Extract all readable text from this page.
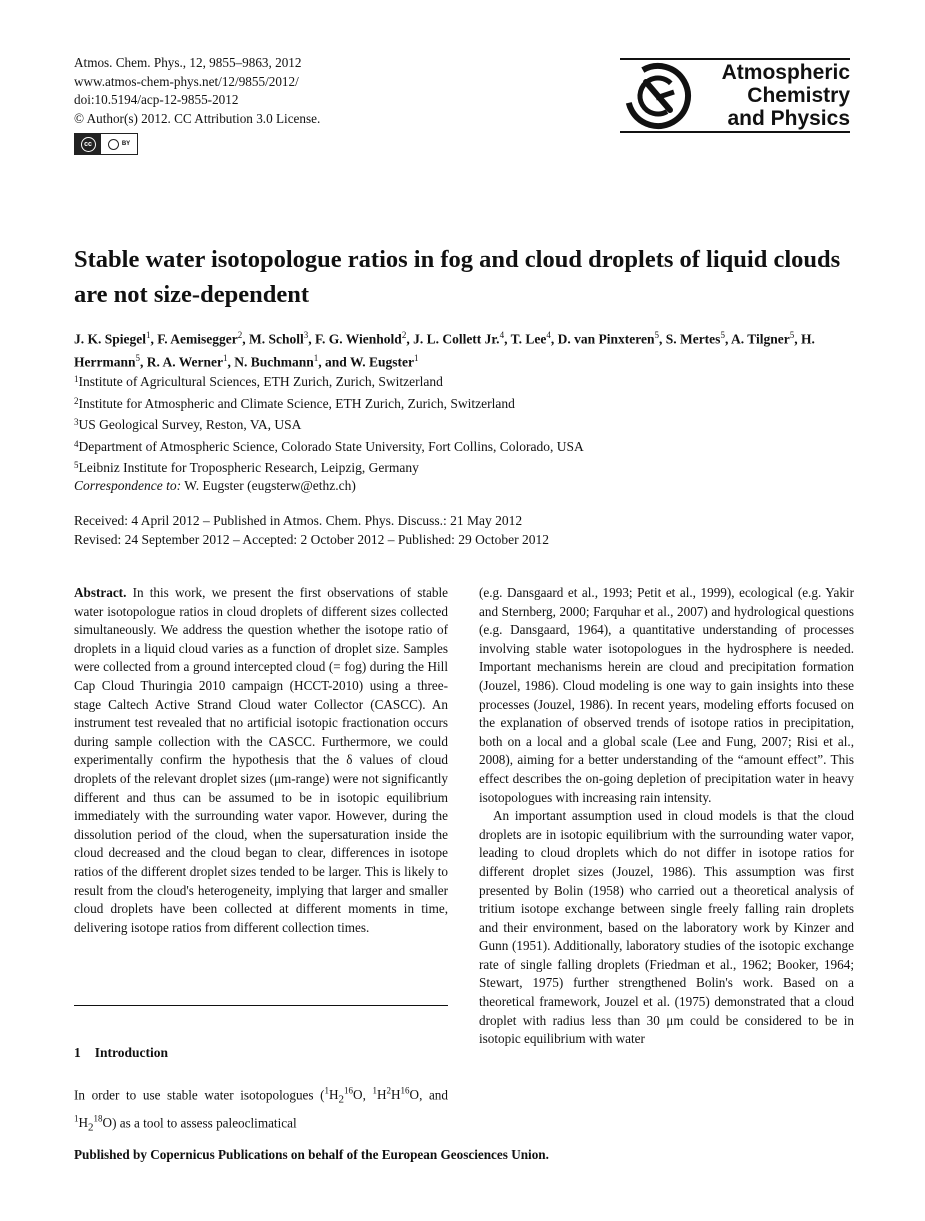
Atmos. Chem. Phys., 12, 9855–9863, 2012
www.atmos-chem-phys.net/12/9855/2012/
doi:10.5194/acp-12-9855-2012
© Author(s) 2012. CC Attribution 3.0 License.
cc	BY
Atmospheric
Chemistry
and Physics
Stable water isotopologue ratios in fog and cloud droplets of liquid clouds are not size-dependent
J. K. Spiegel$^1$, F. Aemisegger$^2$, M. Scholl$^3$, F. G. Wienhold$^2$, J. L. Collett Jr.$^4$, T. Lee$^4$, D. van Pinxteren$^5$, S. Mertes$^5$, A. Tilgner$^5$, H. Herrmann$^5$, R. A. Werner$^1$, N. Buchmann$^1$, and W. Eugster$^1$
$^1$Institute of Agricultural Sciences, ETH Zurich, Zurich, Switzerland
$^2$Institute for Atmospheric and Climate Science, ETH Zurich, Zurich, Switzerland
$^3$US Geological Survey, Reston, VA, USA
$^4$Department of Atmospheric Science, Colorado State University, Fort Collins, Colorado, USA
$^5$Leibniz Institute for Tropospheric Research, Leipzig, Germany
Correspondence to: W. Eugster (eugsterw@ethz.ch)
Received: 4 April 2012 – Published in Atmos. Chem. Phys. Discuss.: 21 May 2012
Revised: 24 September 2012 – Accepted: 2 October 2012 – Published: 29 October 2012
Abstract. In this work, we present the first observations of stable water isotopologue ratios in cloud droplets of different sizes collected simultaneously. We address the question whether the isotope ratio of droplets in a liquid cloud varies as a function of droplet size. Samples were collected from a ground intercepted cloud (= fog) during the Hill Cap Cloud Thuringia 2010 campaign (HCCT-2010) using a three-stage Caltech Active Strand Cloud water Collector (CASCC). An instrument test revealed that no artificial isotopic fractionation occurs during sample collection with the CASCC. Furthermore, we could experimentally confirm the hypothesis that the δ values of cloud droplets of the relevant droplet sizes (μm-range) were not significantly different and thus can be assumed to be in isotopic equilibrium immediately with the surrounding water vapor. However, during the dissolution period of the cloud, when the supersaturation inside the cloud decreased and the cloud began to clear, differences in isotope ratios of the different droplet sizes tended to be larger. This is likely to result from the cloud's heterogeneity, implying that larger and smaller cloud droplets have been collected at different moments in time, delivering isotope ratios from different collection times.
1 Introduction
In order to use stable water isotopologues ($^1H_2^{16}O$, $^1H^2H^{16}O$, and $^1H_2^{18}O$) as a tool to assess paleoclimatical
(e.g. Dansgaard et al., 1993; Petit et al., 1999), ecological (e.g. Yakir and Sternberg, 2000; Farquhar et al., 2007) and hydrological questions (e.g. Dansgaard, 1964), a quantitative understanding of processes involving stable water isotopologues in the hydrosphere is needed. Important mechanisms herein are cloud and precipitation formation (Jouzel, 1986). Cloud modeling is one way to gain insights into these processes (Jouzel, 1986). In recent years, modeling efforts focused on the explanation of observed trends of isotope ratios in precipitation, both on a local and a global scale (Lee and Fung, 2007; Risi et al., 2008), aiming for a better understanding of the “amount effect”. This effect describes the on-going depletion of precipitation water in heavy isotopologues with increasing rain intensity.
An important assumption used in cloud models is that the cloud droplets are in isotopic equilibrium with the surrounding water vapor, leading to cloud droplets which do not differ in isotope ratios for different droplet sizes (Jouzel, 1986). This assumption was first presented by Bolin (1958) who carried out a theoretical analysis of tritium isotope exchange between single freely falling rain droplets and their environment, based on the laboratory work by Kinzer and Gunn (1951). Additionally, laboratory studies of the isotopic exchange rate of single falling droplets (Friedman et al., 1962; Booker, 1964; Stewart, 1975) further strengthened Bolin's work. Based on a theoretical framework, Jouzel et al. (1975) demonstrated that a cloud droplet with radius less than 30 μm could be considered to be in isotopic equilibrium with water
Published by Copernicus Publications on behalf of the European Geosciences Union.
